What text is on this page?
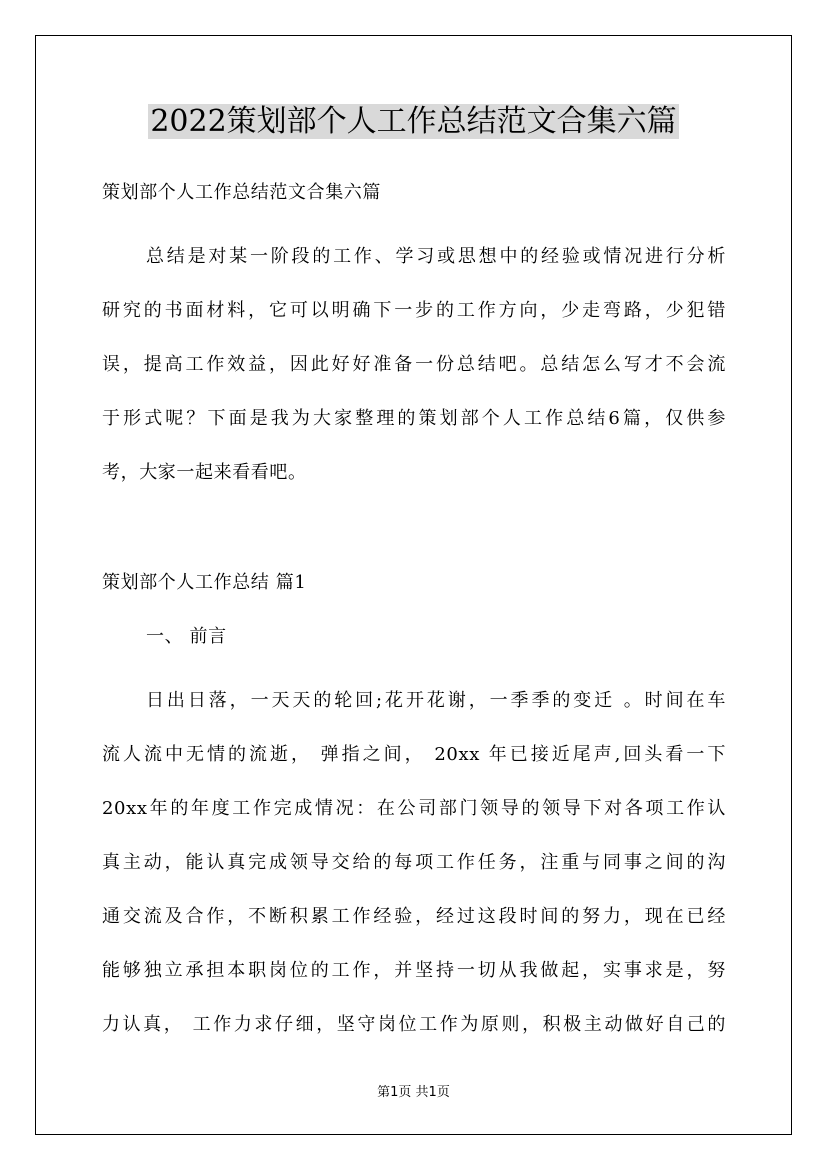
2022策划部个人工作总结范文合集六篇
策划部个人工作总结范文合集六篇
总结是对某一阶段的工作、学习或思想中的经验或情况进行分析
研究的书面材料，它可以明确下一步的工作方向，少走弯路，少犯错
误，提高工作效益，因此好好准备一份总结吧。总结怎么写才不会流
于形式呢？下面是我为大家整理的策划部个人工作总结6篇，仅供参
考，大家一起来看看吧。
策划部个人工作总结 篇1
一、 前言
日出日落，一天天的轮回;花开花谢，一季季的变迁 。时间在车
流人流中无情的流逝， 弹指之间， 20xx 年已接近尾声,回头看一下
20xx年的年度工作完成情况：在公司部门领导的领导下对各项工作认
真主动，能认真完成领导交给的每项工作任务，注重与同事之间的沟
通交流及合作，不断积累工作经验，经过这段时间的努力，现在已经
能够独立承担本职岗位的工作，并坚持一切从我做起，实事求是，努
力认真， 工作力求仔细，坚守岗位工作为原则，积极主动做好自己的
第1页 共1页
